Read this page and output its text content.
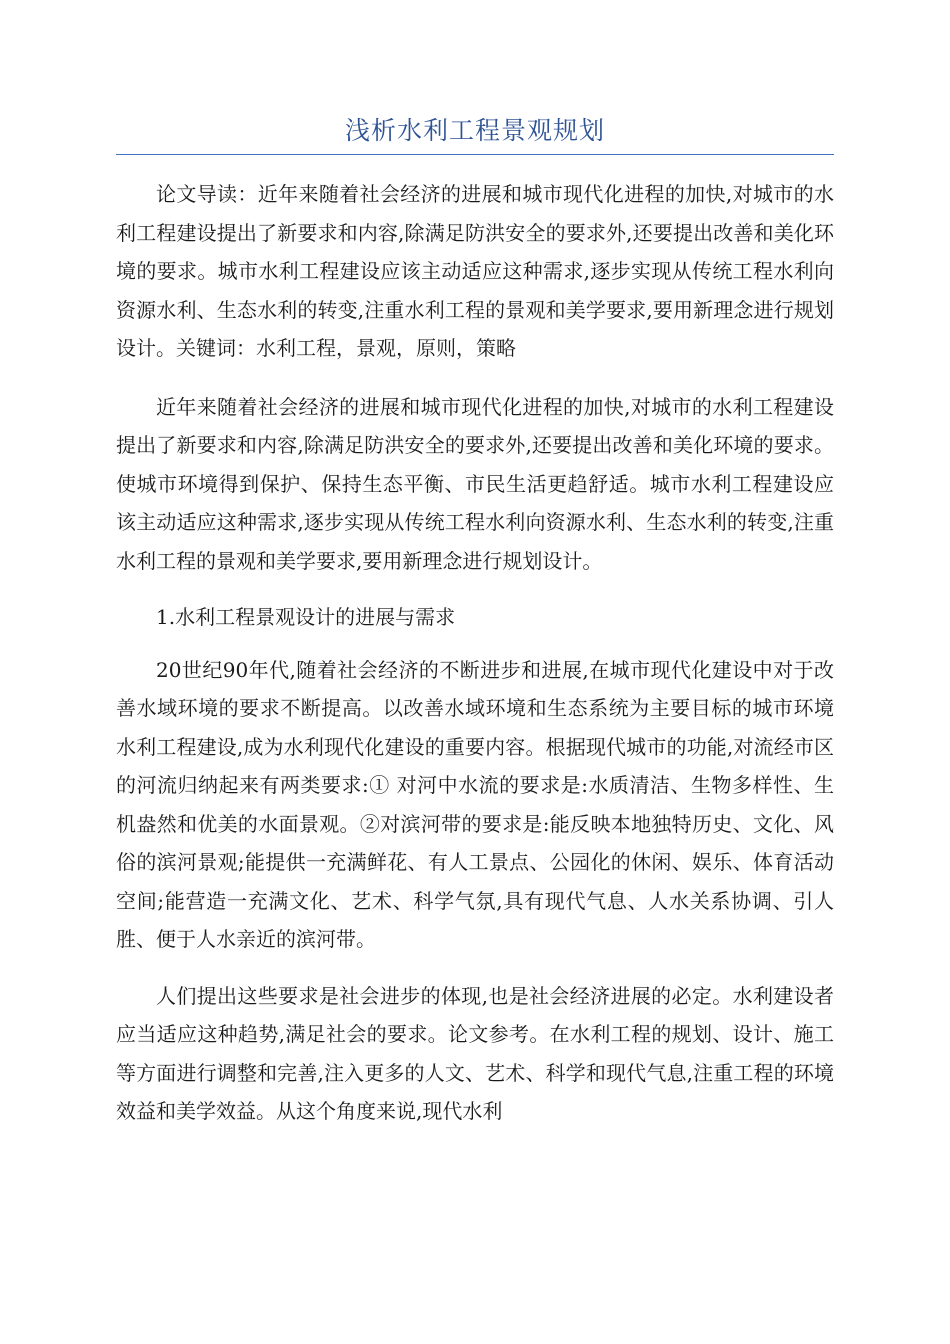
浅析水利工程景观规划

论文导读：近年来随着社会经济的进展和城市现代化进程的加快,对城市的水利工程建设提出了新要求和内容,除满足防洪安全的要求外,还要提出改善和美化环境的要求。城市水利工程建设应该主动适应这种需求,逐步实现从传统工程水利向资源水利、生态水利的转变,注重水利工程的景观和美学要求,要用新理念进行规划设计。关键词：水利工程，景观，原则，策略

近年来随着社会经济的进展和城市现代化进程的加快,对城市的水利工程建设提出了新要求和内容,除满足防洪安全的要求外,还要提出改善和美化环境的要求。使城市环境得到保护、保持生态平衡、市民生活更趋舒适。城市水利工程建设应该主动适应这种需求,逐步实现从传统工程水利向资源水利、生态水利的转变,注重水利工程的景观和美学要求,要用新理念进行规划设计。

1.水利工程景观设计的进展与需求

20世纪90年代,随着社会经济的不断进步和进展,在城市现代化建设中对于改善水域环境的要求不断提高。以改善水域环境和生态系统为主要目标的城市环境水利工程建设,成为水利现代化建设的重要内容。根据现代城市的功能,对流经市区的河流归纳起来有两类要求:① 对河中水流的要求是:水质清洁、生物多样性、生机盎然和优美的水面景观。②对滨河带的要求是:能反映本地独特历史、文化、风俗的滨河景观;能提供一充满鲜花、有人工景点、公园化的休闲、娱乐、体育活动空间;能营造一充满文化、艺术、科学气氛,具有现代气息、人水关系协调、引人胜、便于人水亲近的滨河带。

人们提出这些要求是社会进步的体现,也是社会经济进展的必定。水利建设者应当适应这种趋势,满足社会的要求。论文参考。在水利工程的规划、设计、施工等方面进行调整和完善,注入更多的人文、艺术、科学和现代气息,注重工程的环境效益和美学效益。从这个角度来说,现代水利
